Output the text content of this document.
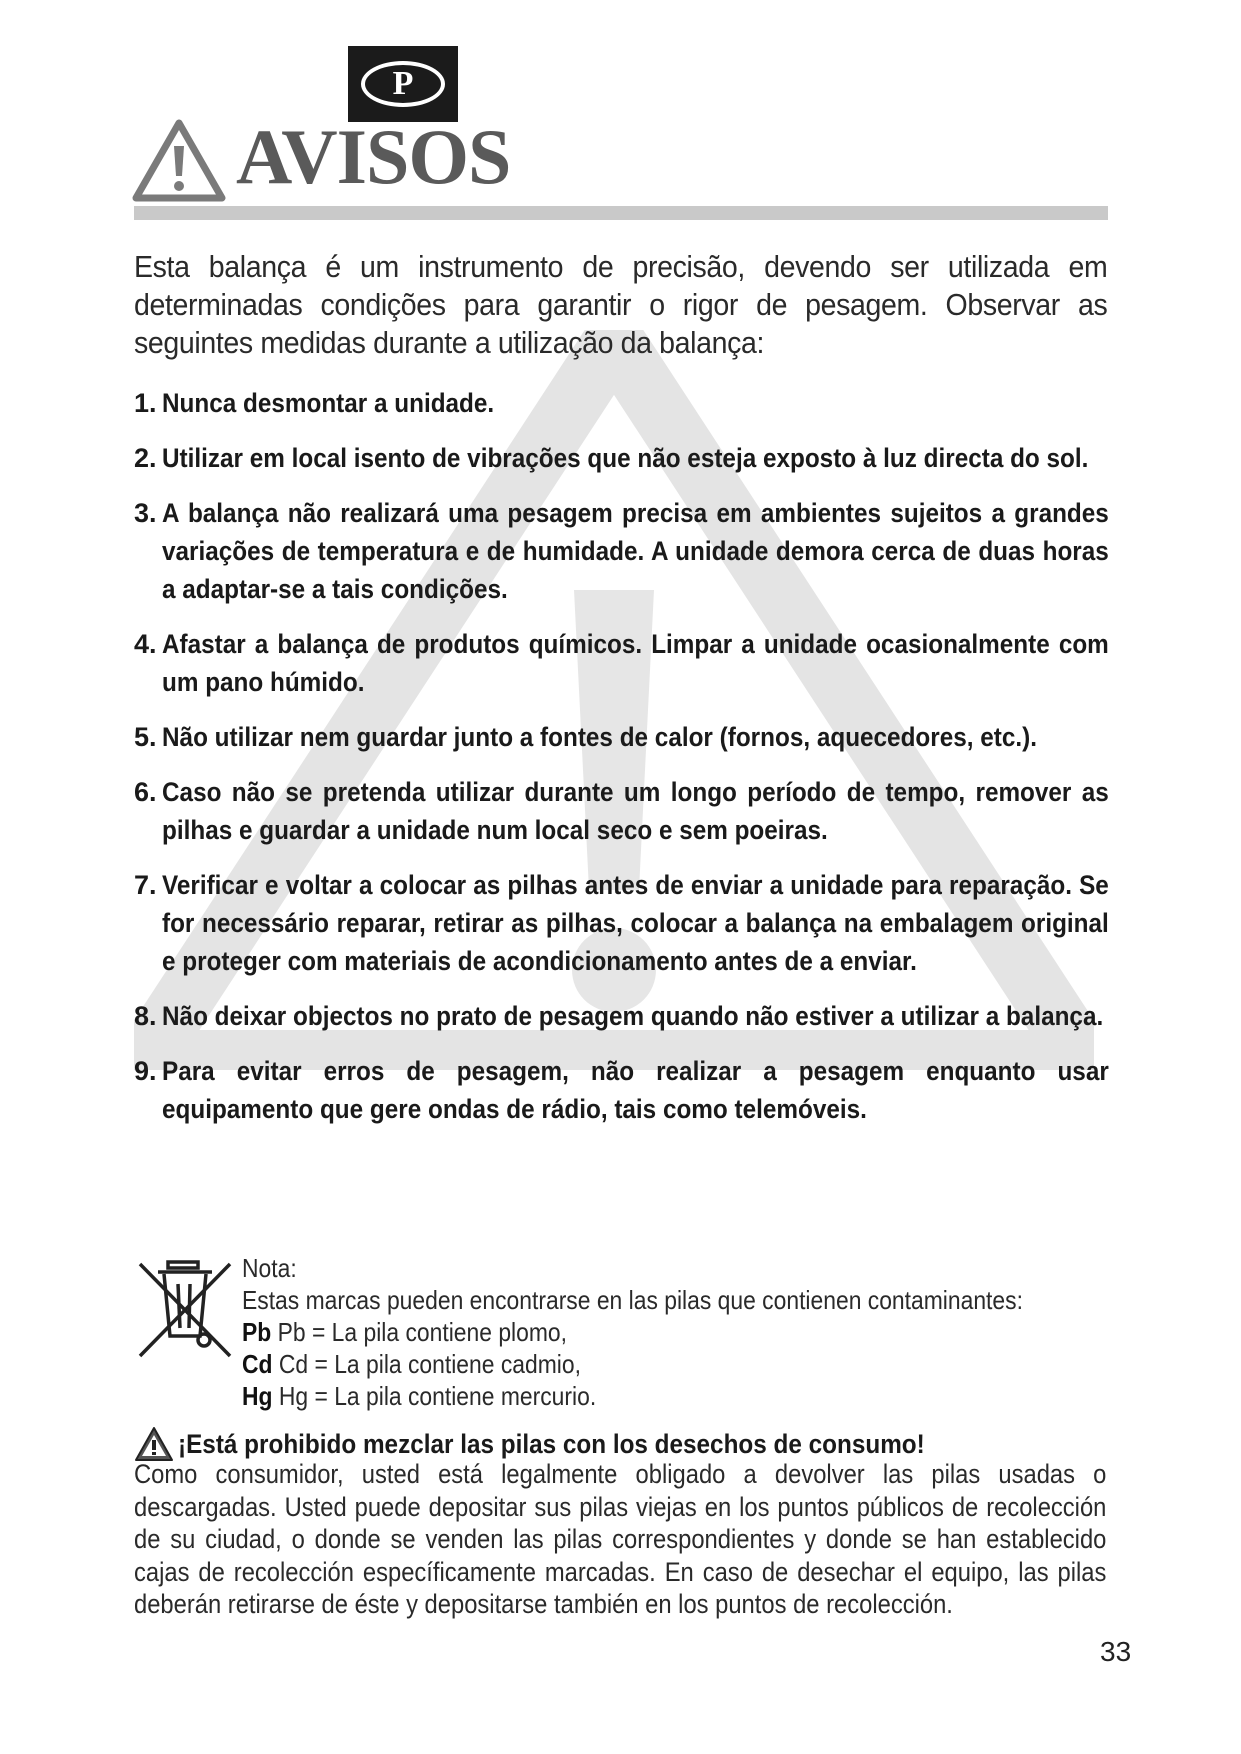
P
AVISOS

Esta balança é um instrumento de precisão, devendo ser utilizada em determinadas condições para garantir o rigor de pesagem. Observar as seguintes medidas durante a utilização da balança:

1. Nunca desmontar a unidade.
2. Utilizar em local isento de vibrações que não esteja exposto à luz directa do sol.
3. A balança não realizará uma pesagem precisa em ambientes sujeitos a grandes variações de temperatura e de humidade. A unidade demora cerca de duas horas a adaptar-se a tais condições.
4. Afastar a balança de produtos químicos. Limpar a unidade ocasionalmente com um pano húmido.
5. Não utilizar nem guardar junto a fontes de calor (fornos, aquecedores, etc.).
6. Caso não se pretenda utilizar durante um longo período de tempo, remover as pilhas e guardar a unidade num local seco e sem poeiras.
7. Verificar e voltar a colocar as pilhas antes de enviar a unidade para reparação. Se for necessário reparar, retirar as pilhas, colocar a balança na embalagem original e proteger com materiais de acondicionamento antes de a enviar.
8. Não deixar objectos no prato de pesagem quando não estiver a utilizar a balança.
9. Para evitar erros de pesagem, não realizar a pesagem enquanto usar equipamento que gere ondas de rádio, tais como telemóveis.
Nota:
Estas marcas pueden encontrarse en las pilas que contienen contaminantes:
Pb Pb = La pila contiene plomo,
Cd Cd = La pila contiene cadmio,
Hg Hg = La pila contiene mercurio.
¡Está prohibido mezclar las pilas con los desechos de consumo!
Como consumidor, usted está legalmente obligado a devolver las pilas usadas o descargadas. Usted puede depositar sus pilas viejas en los puntos públicos de recolección de su ciudad, o donde se venden las pilas correspondientes y donde se han establecido cajas de recolección específicamente marcadas. En caso de desechar el equipo, las pilas deberán retirarse de éste y depositarse también en los puntos de recolección.
33
